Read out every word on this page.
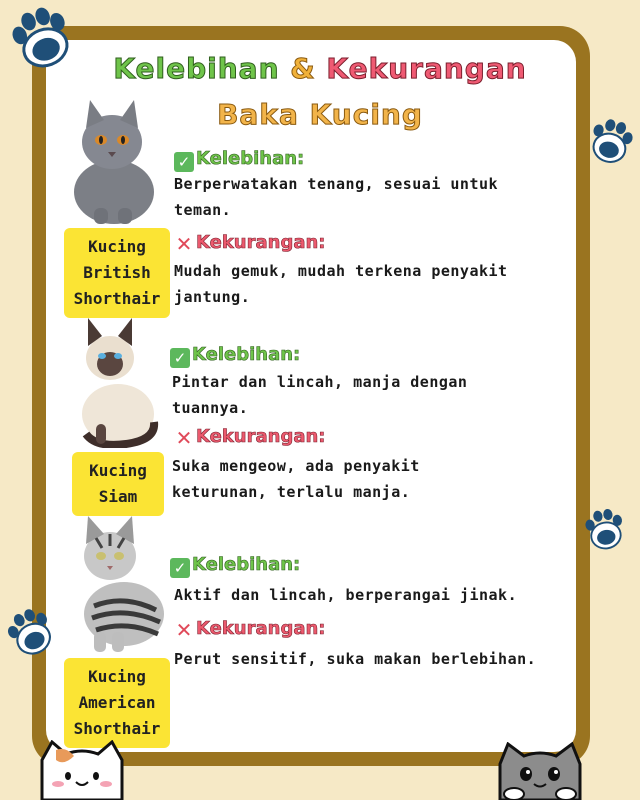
Kelebihan & Kekurangan
Baka Kucing
Kucing
British
Shorthair
✓ Kelebihan:
Berperwatakan tenang, sesuai untuk
teman.
✕ Kekurangan:
Mudah gemuk, mudah terkena penyakit
jantung.
Kucing
Siam
✓ Kelebihan:
Pintar dan lincah, manja dengan
tuannya.
✕ Kekurangan:
Suka mengeow, ada penyakit
keturunan, terlalu manja.
Kucing
American
Shorthair
✓ Kelebihan:
Aktif dan lincah, berperangai jinak.
✕ Kekurangan:
Perut sensitif, suka makan berlebihan.
